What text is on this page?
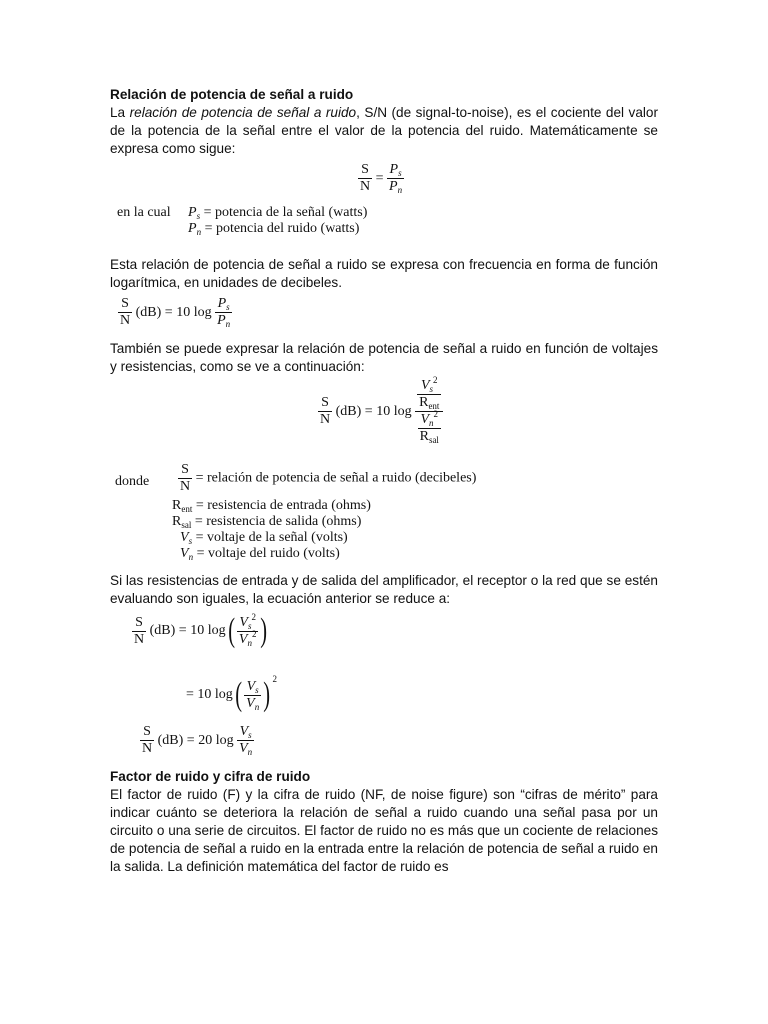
Relación de potencia de señal a ruido
La relación de potencia de señal a ruido, S/N (de signal-to-noise), es el cociente del valor de la potencia de la señal entre el valor de la potencia del ruido. Matemáticamente se expresa como sigue:
$\frac{S}{N} = \frac{P_s}{P_n}$
en la cual $P_s$ = potencia de la señal (watts)
$P_n$ = potencia del ruido (watts)
Esta relación de potencia de señal a ruido se expresa con frecuencia en forma de función logarítmica, en unidades de decibeles.
$\frac{S}{N} (dB) = 10$ $\log \frac{P_s}{P_n}$
También se puede expresar la relación de potencia de señal a ruido en función de voltajes y resistencias, como se ve a continuación:
$\frac{S}{N} (dB) = 10$ $\log \frac{\frac{V_s^2}{R_{ent}}}{\frac{V_n^2}{R_{sal}}}$
donde $\frac{S}{N}$ = relación de potencia de señal a ruido (decibeles)
$R_{ent}$ = resistencia de entrada (ohms)
$R_{sal}$ = resistencia de salida (ohms)
$V_s$ = voltaje de la señal (volts)
$V_n$ = voltaje del ruido (volts)
Si las resistencias de entrada y de salida del amplificador, el receptor o la red que se estén evaluando son iguales, la ecuación anterior se reduce a:
$\frac{S}{N} (dB) = 10$ $\log( \frac{V_s^2}{V_n^2}$ )
= 10 $\log( \frac{V_s}{V_n}$ ) $^2$
$\frac{S}{N} (dB) = 20$ $\log \frac{V_s}{V_n}$
Factor de ruido y cifra de ruido
El factor de ruido (F) y la cifra de ruido (NF, de noise figure) son “cifras de mérito” para indicar cuánto se deteriora la relación de señal a ruido cuando una señal pasa por un circuito o una serie de circuitos. El factor de ruido no es más que un cociente de relaciones de potencia de señal a ruido en la entrada entre la relación de potencia de señal a ruido en la salida. La definición matemática del factor de ruido es
